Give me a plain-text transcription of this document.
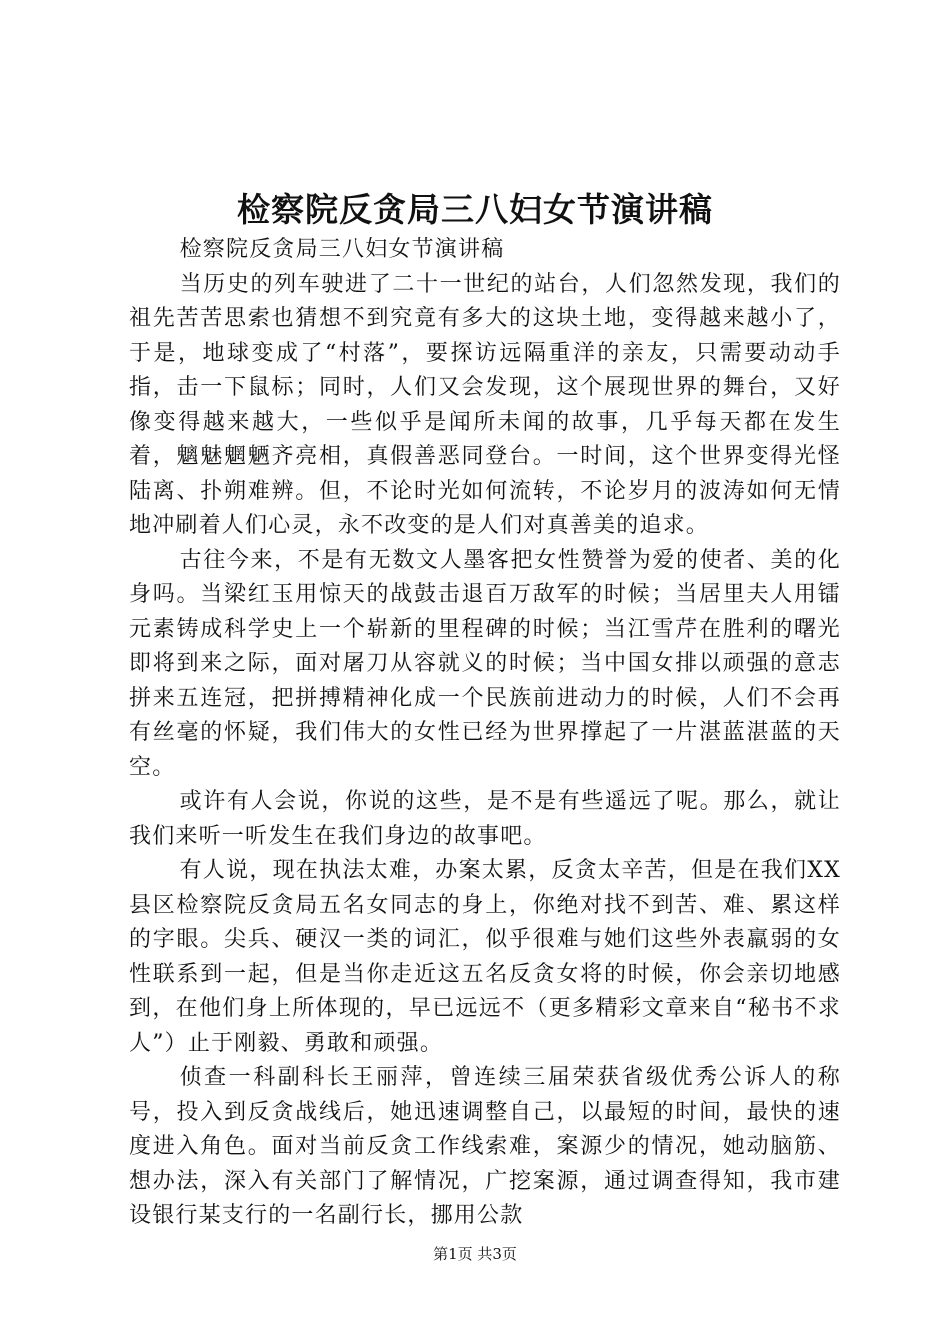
检察院反贪局三八妇女节演讲稿

检察院反贪局三八妇女节演讲稿

当历史的列车驶进了二十一世纪的站台，人们忽然发现，我们的祖先苦苦思索也猜想不到究竟有多大的这块土地，变得越来越小了，于是，地球变成了“村落”，要探访远隔重洋的亲友，只需要动动手指，击一下鼠标；同时，人们又会发现，这个展现世界的舞台，又好像变得越来越大，一些似乎是闻所未闻的故事，几乎每天都在发生着，魑魅魍魉齐亮相，真假善恶同登台。一时间，这个世界变得光怪陆离、扑朔难辨。但，不论时光如何流转，不论岁月的波涛如何无情地冲刷着人们心灵，永不改变的是人们对真善美的追求。

古往今来，不是有无数文人墨客把女性赞誉为爱的使者、美的化身吗。当梁红玉用惊天的战鼓击退百万敌军的时候；当居里夫人用镭元素铸成科学史上一个崭新的里程碑的时候；当江雪芹在胜利的曙光即将到来之际，面对屠刀从容就义的时候；当中国女排以顽强的意志拼来五连冠，把拼搏精神化成一个民族前进动力的时候，人们不会再有丝毫的怀疑，我们伟大的女性已经为世界撑起了一片湛蓝湛蓝的天空。

或许有人会说，你说的这些，是不是有些遥远了呢。那么，就让我们来听一听发生在我们身边的故事吧。

有人说，现在执法太难，办案太累，反贪太辛苦，但是在我们XX县区检察院反贪局五名女同志的身上，你绝对找不到苦、难、累这样的字眼。尖兵、硬汉一类的词汇，似乎很难与她们这些外表羸弱的女性联系到一起，但是当你走近这五名反贪女将的时候，你会亲切地感到，在他们身上所体现的，早已远远不（更多精彩文章来自“秘书不求人”）止于刚毅、勇敢和顽强。

侦查一科副科长王丽萍，曾连续三届荣获省级优秀公诉人的称号，投入到反贪战线后，她迅速调整自己，以最短的时间，最快的速度进入角色。面对当前反贪工作线索难，案源少的情况，她动脑筋、想办法，深入有关部门了解情况，广挖案源，通过调查得知，我市建设银行某支行的一名副行长，挪用公款

第1页 共3页
